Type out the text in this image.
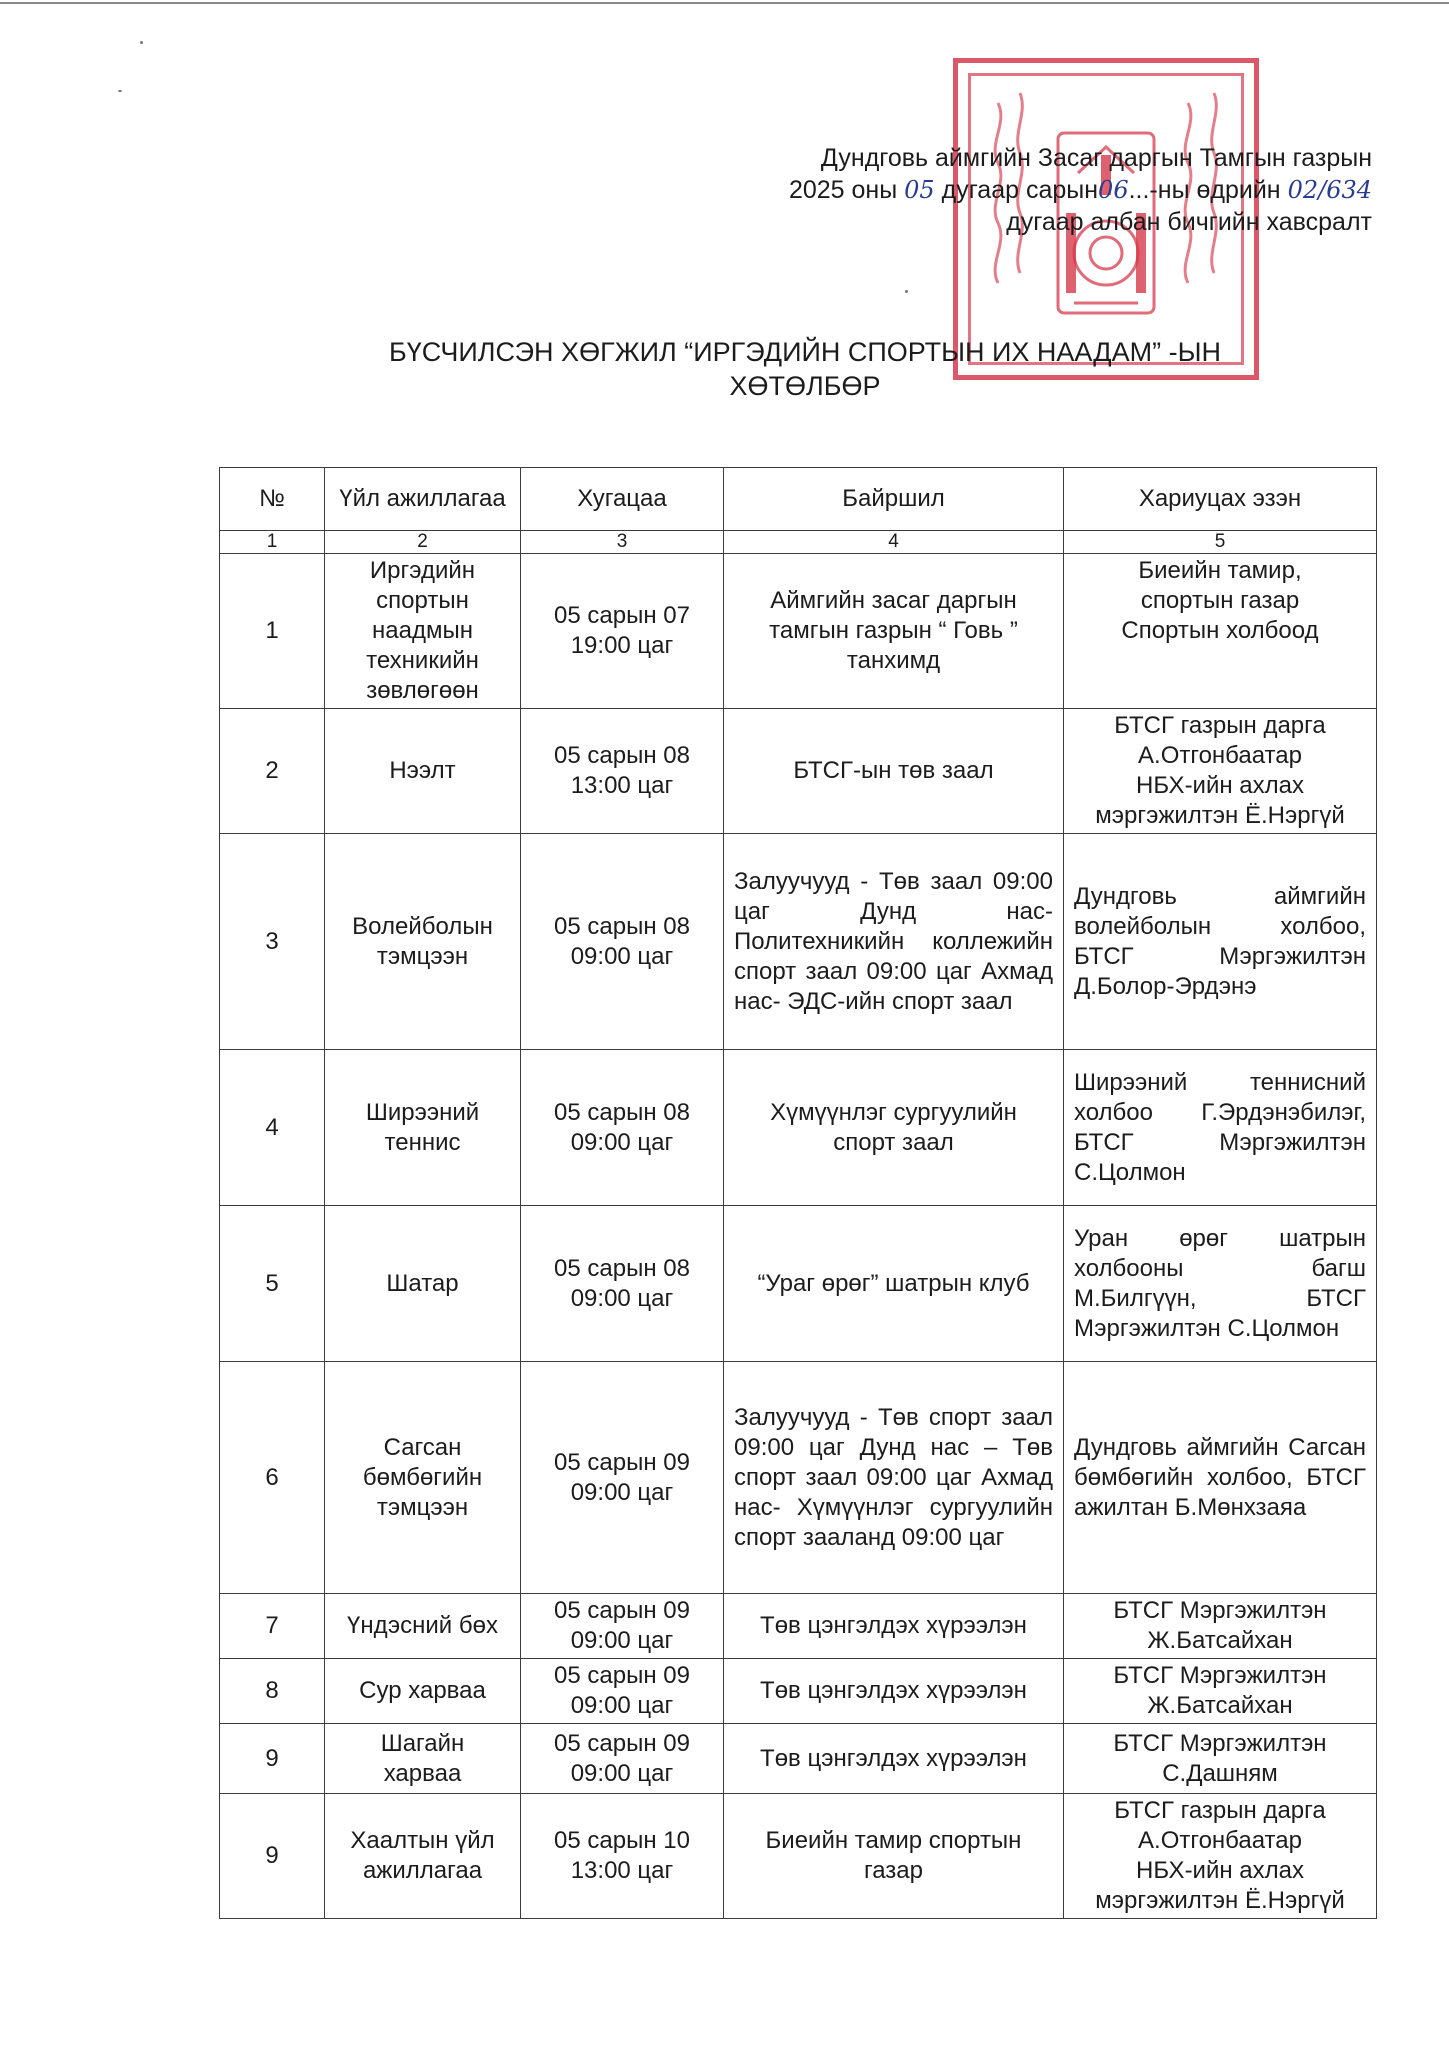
Дундговь аймгийн Засаг даргын Тамгын газрын
2025 оны 05 дугаар сарын06...-ны өдрийн 02/634
дугаар албан бичгийн хавсралт
БҮСЧИЛСЭН ХӨГЖИЛ “ИРГЭДИЙН СПОРТЫН ИХ НААДАМ” -ЫН
ХӨТӨЛБӨР
№	Үйл ажиллагаа	Хугацаа	Байршил	Хариуцах эзэн
1	2	3	4	5
1	Иргэдийн
спортын
наадмын
техникийн
зөвлөгөөн	05 сарын 07
19:00 цаг	Аймгийн засаг даргын
тамгын газрын “ Говь ”
танхимд	Биеийн тамир,
спортын газар
Спортын холбоод

2	Нээлт	05 сарын 08
13:00 цаг	БТСГ-ын төв заал	БТСГ газрын дарга
А.Отгонбаатар
НБХ-ийн ахлах
мэргэжилтэн Ё.Нэргүй

3	Волейболын
тэмцээн	05 сарын 08
09:00 цаг	Залуучууд - Төв заал 09:00 цаг Дунд нас- Политехникийн коллежийн спорт заал 09:00 цаг Ахмад нас- ЭДС-ийн спорт заал	Дундговь аймгийн волейболын холбоо, БТСГ Мэргэжилтэн Д.Болор-Эрдэнэ
4	Ширээний
теннис	05 сарын 08
09:00 цаг	Хүмүүнлэг сургуулийн
спорт заал	Ширээний теннисний холбоо Г.Эрдэнэбилэг, БТСГ Мэргэжилтэн С.Цолмон
5	Шатар	05 сарын 08
09:00 цаг	“Ураг өрөг” шатрын клуб	Уран өрөг шатрын холбооны багш М.Билгүүн, БТСГ Мэргэжилтэн С.Цолмон
6	Сагсан
бөмбөгийн
тэмцээн	05 сарын 09
09:00 цаг	Залуучууд - Төв спорт заал 09:00 цаг Дунд нас – Төв спорт заал 09:00 цаг Ахмад нас- Хүмүүнлэг сургуулийн спорт зааланд 09:00 цаг	Дундговь аймгийн Сагсан бөмбөгийн холбоо, БТСГ ажилтан Б.Мөнхзаяа
7	Үндэсний бөх	05 сарын 09
09:00 цаг	Төв цэнгэлдэх хүрээлэн	БТСГ Мэргэжилтэн
Ж.Батсайхан

8	Сур харваа	05 сарын 09
09:00 цаг	Төв цэнгэлдэх хүрээлэн	БТСГ Мэргэжилтэн
Ж.Батсайхан

9	Шагайн
харваа	05 сарын 09
09:00 цаг	Төв цэнгэлдэх хүрээлэн	БТСГ Мэргэжилтэн
С.Дашням

9	Хаалтын үйл
ажиллагаа	05 сарын 10
13:00 цаг	Биеийн тамир спортын
газар	БТСГ газрын дарга
А.Отгонбаатар
НБХ-ийн ахлах
мэргэжилтэн Ё.Нэргүй
